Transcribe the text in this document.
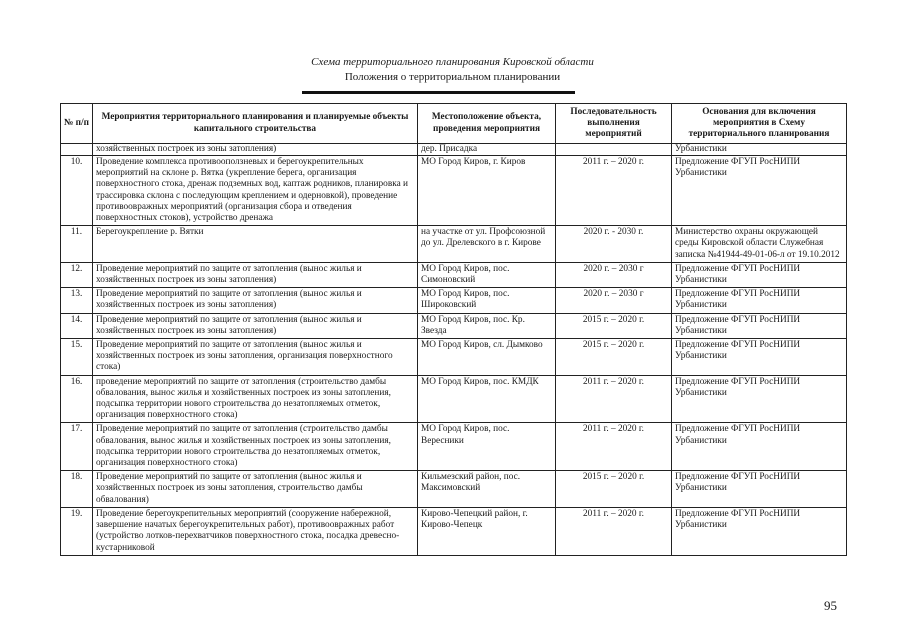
Схема территориального планирования Кировской области
Положения о территориальном планировании
№ п/п	Мероприятия территориального планирования и планируемые объекты капитального строительства	Местоположение объекта, проведения мероприятия	Последовательность выполнения мероприятий	Основания для включения мероприятия в Схему территориального планирования
	хозяйственных построек из зоны затопления)	дер. Присадка		Урбанистики
10.	Проведение комплекса противооползневых и берегоукрепительных мероприятий на склоне р. Вятка (укрепление берега, организация поверхностного стока, дренаж подземных вод, каптаж родников, планировка и трассировка склона с последующим креплением и одерновкой), проведение противоовражных мероприятий (организация сбора и отведения поверхностных стоков), устройство дренажа	МО Город Киров, г. Киров	2011 г. – 2020 г.	Предложение ФГУП РосНИПИ Урбанистики
11.	Берегоукрепление р. Вятки	на участке от ул. Профсоюзной до ул. Дрелевского в г. Кирове	2020 г. - 2030 г.	Министерство охраны окружающей среды Кировской области Служебная записка №41944-49-01-06-л от 19.10.2012
12.	Проведение мероприятий по защите от затопления (вынос жилья и хозяйственных построек из зоны затопления)	МО Город Киров, пос. Симоновский	2020 г. – 2030 г	Предложение ФГУП РосНИПИ Урбанистики
13.	Проведение мероприятий по защите от затопления (вынос жилья и хозяйственных построек из зоны затопления)	МО Город Киров, пос. Широковский	2020 г. – 2030 г	Предложение ФГУП РосНИПИ Урбанистики
14.	Проведение мероприятий по защите от затопления (вынос жилья и хозяйственных построек из зоны затопления)	МО Город Киров, пос. Кр. Звезда	2015 г. – 2020 г.	Предложение ФГУП РосНИПИ Урбанистики
15.	Проведение мероприятий по защите от затопления (вынос жилья и хозяйственных построек из зоны затопления, организация поверхностного стока)	МО Город Киров, сл. Дымково	2015 г. – 2020 г.	Предложение ФГУП РосНИПИ Урбанистики
16.	проведение мероприятий по защите от затопления (строительство дамбы обвалования, вынос жилья и хозяйственных построек из зоны затопления, подсыпка территории нового строительства до незатопляемых отметок, организация поверхностного стока)	МО Город Киров, пос. КМДК	2011 г. – 2020 г.	Предложение ФГУП РосНИПИ Урбанистики
17.	Проведение мероприятий по защите от затопления (строительство дамбы обвалования, вынос жилья и хозяйственных построек из зоны затопления, подсыпка территории нового строительства до незатопляемых отметок, организация поверхностного стока)	МО Город Киров, пос. Вересники	2011 г. – 2020 г.	Предложение ФГУП РосНИПИ Урбанистики
18.	Проведение мероприятий по защите от затопления (вынос жилья и хозяйственных построек из зоны затопления, строительство дамбы обвалования)	Кильмезский район, пос. Максимовский	2015 г. – 2020 г.	Предложение ФГУП РосНИПИ Урбанистики
19.	Проведение берегоукрепительных мероприятий (сооружение набережной, завершение начатых берегоукрепительных работ), противоовражных работ (устройство лотков-перехватчиков поверхностного стока, посадка древесно-кустарниковой	Кирово-Чепецкий район, г. Кирово-Чепецк	2011 г. – 2020 г.	Предложение ФГУП РосНИПИ Урбанистики
95
